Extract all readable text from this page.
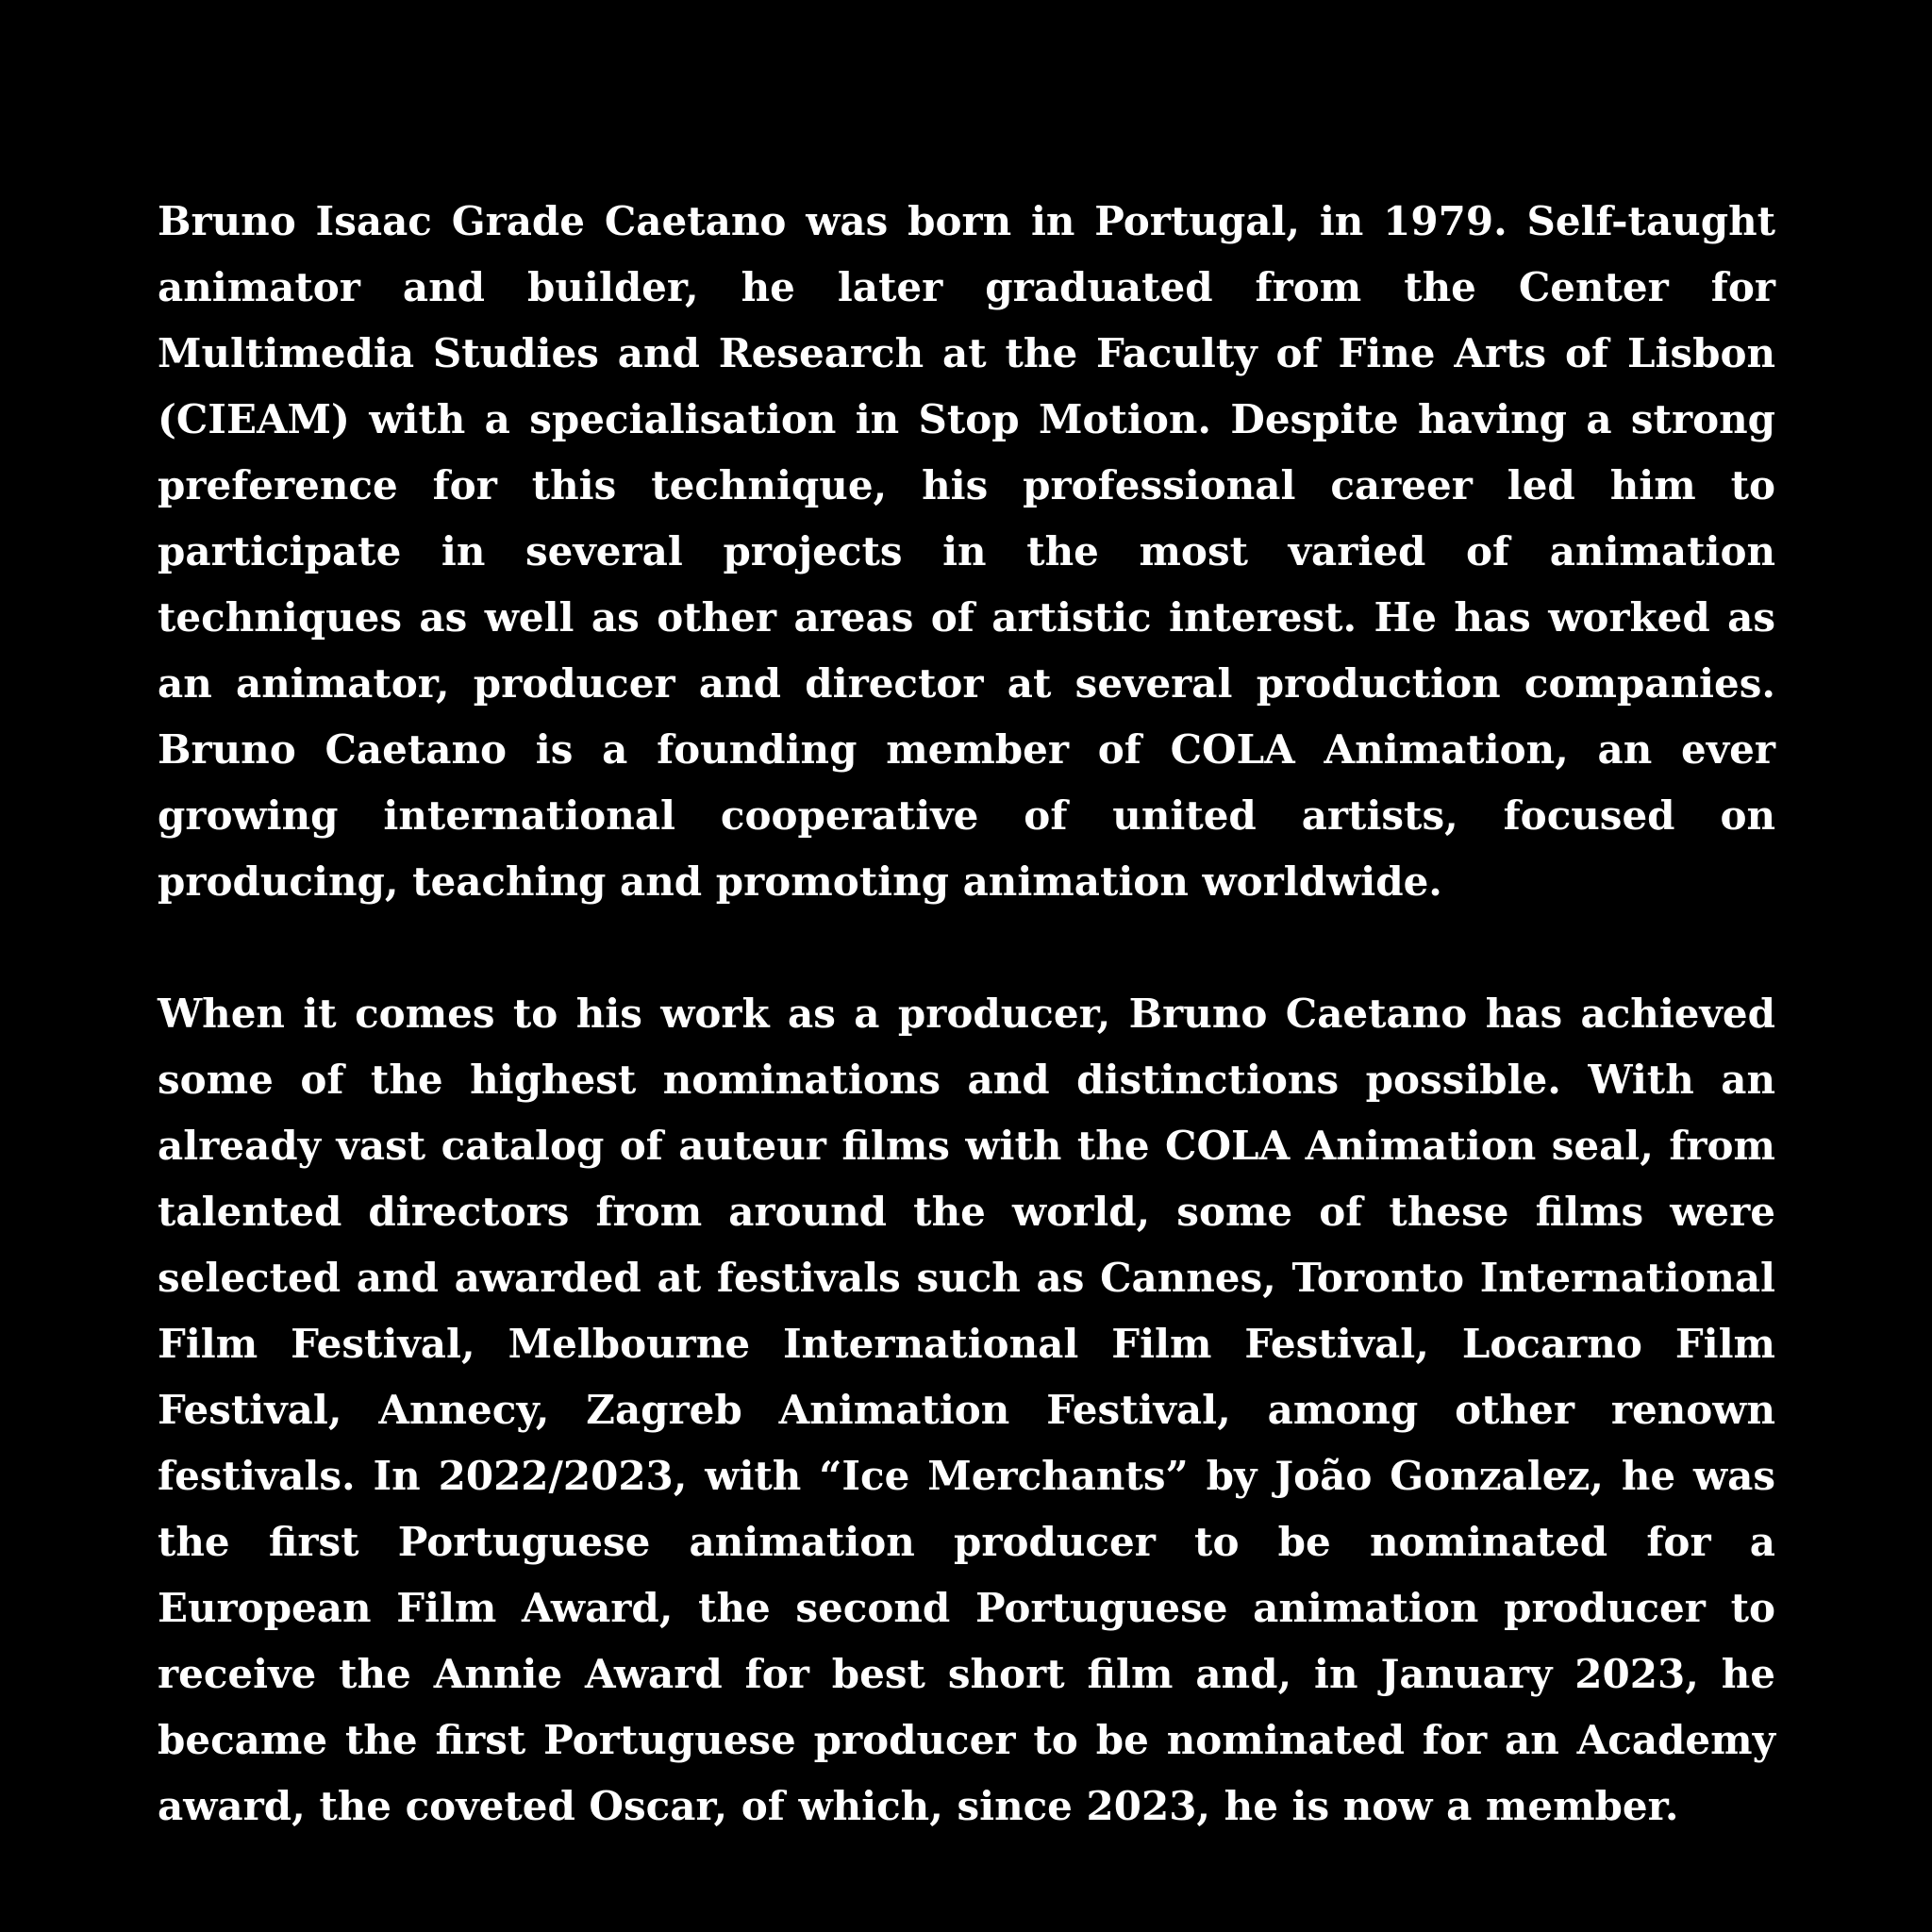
Bruno Isaac Grade Caetano was born in Portugal, in 1979. Self-taught animator and builder, he later graduated from the Center for Multimedia Studies and Research at the Faculty of Fine Arts of Lisbon (CIEAM) with a specialisation in Stop Motion. Despite having a strong preference for this technique, his professional career led him to participate in several projects in the most varied of animation techniques as well as other areas of artistic interest. He has worked as an animator, producer and director at several production companies. Bruno Caetano is a founding member of COLA Animation, an ever growing international cooperative of united artists, focused on producing, teaching and promoting animation worldwide.

When it comes to his work as a producer, Bruno Caetano has achieved some of the highest nominations and distinctions possible. With an already vast catalog of auteur films with the COLA Animation seal, from talented directors from around the world, some of these films were selected and awarded at festivals such as Cannes, Toronto International Film Festival, Melbourne International Film Festival, Locarno Film Festival, Annecy, Zagreb Animation Festival, among other renown festivals. In 2022/2023, with “Ice Merchants” by João Gonzalez, he was the first Portuguese animation producer to be nominated for a European Film Award, the second Portuguese animation producer to receive the Annie Award for best short film and, in January 2023, he became the first Portuguese producer to be nominated for an Academy award, the coveted Oscar, of which, since 2023, he is now a member.
